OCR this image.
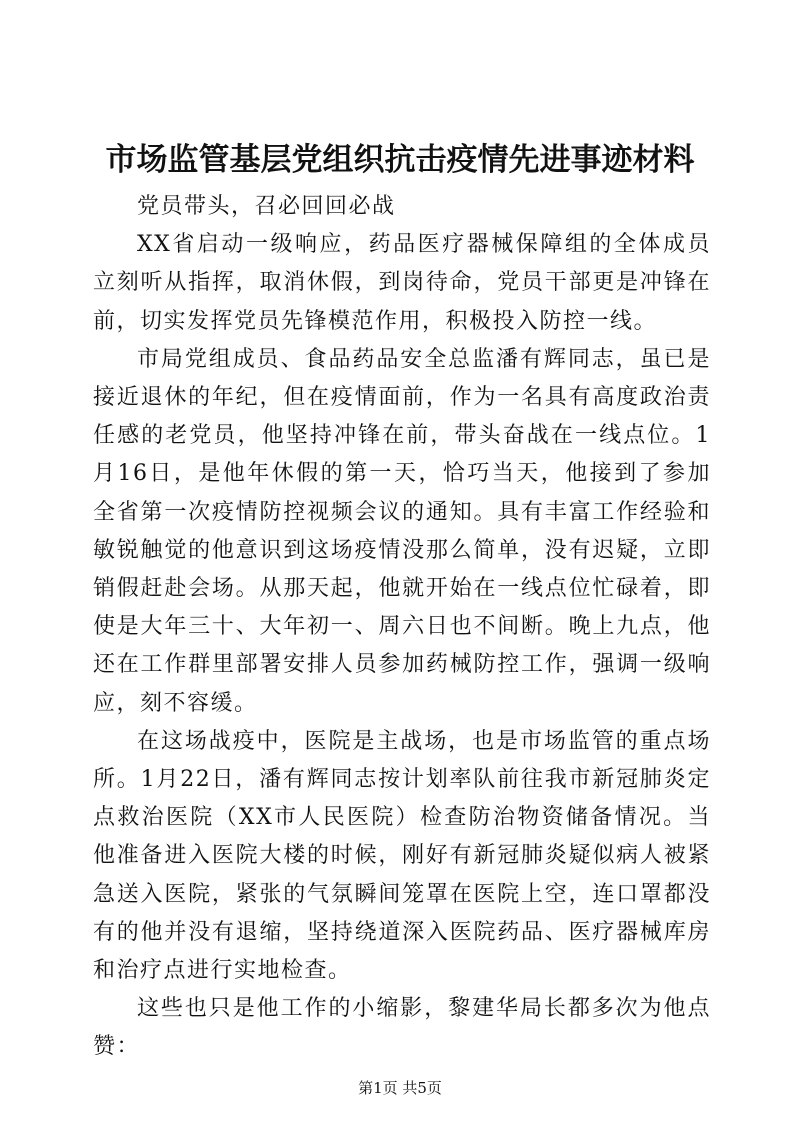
市场监管基层党组织抗击疫情先进事迹材料

党员带头，召必回回必战

XX省启动一级响应，药品医疗器械保障组的全体成员立刻听从指挥，取消休假，到岗待命，党员干部更是冲锋在前，切实发挥党员先锋模范作用，积极投入防控一线。

市局党组成员、食品药品安全总监潘有辉同志，虽已是接近退休的年纪，但在疫情面前，作为一名具有高度政治责任感的老党员，他坚持冲锋在前，带头奋战在一线点位。1月16日，是他年休假的第一天，恰巧当天，他接到了参加全省第一次疫情防控视频会议的通知。具有丰富工作经验和敏锐触觉的他意识到这场疫情没那么简单，没有迟疑，立即销假赶赴会场。从那天起，他就开始在一线点位忙碌着，即使是大年三十、大年初一、周六日也不间断。晚上九点，他还在工作群里部署安排人员参加药械防控工作，强调一级响应，刻不容缓。

在这场战疫中，医院是主战场，也是市场监管的重点场所。1月22日，潘有辉同志按计划率队前往我市新冠肺炎定点救治医院（XX市人民医院）检查防治物资储备情况。当他准备进入医院大楼的时候，刚好有新冠肺炎疑似病人被紧急送入医院，紧张的气氛瞬间笼罩在医院上空，连口罩都没有的他并没有退缩，坚持绕道深入医院药品、医疗器械库房和治疗点进行实地检查。

这些也只是他工作的小缩影，黎建华局长都多次为他点赞：

第1页 共5页
